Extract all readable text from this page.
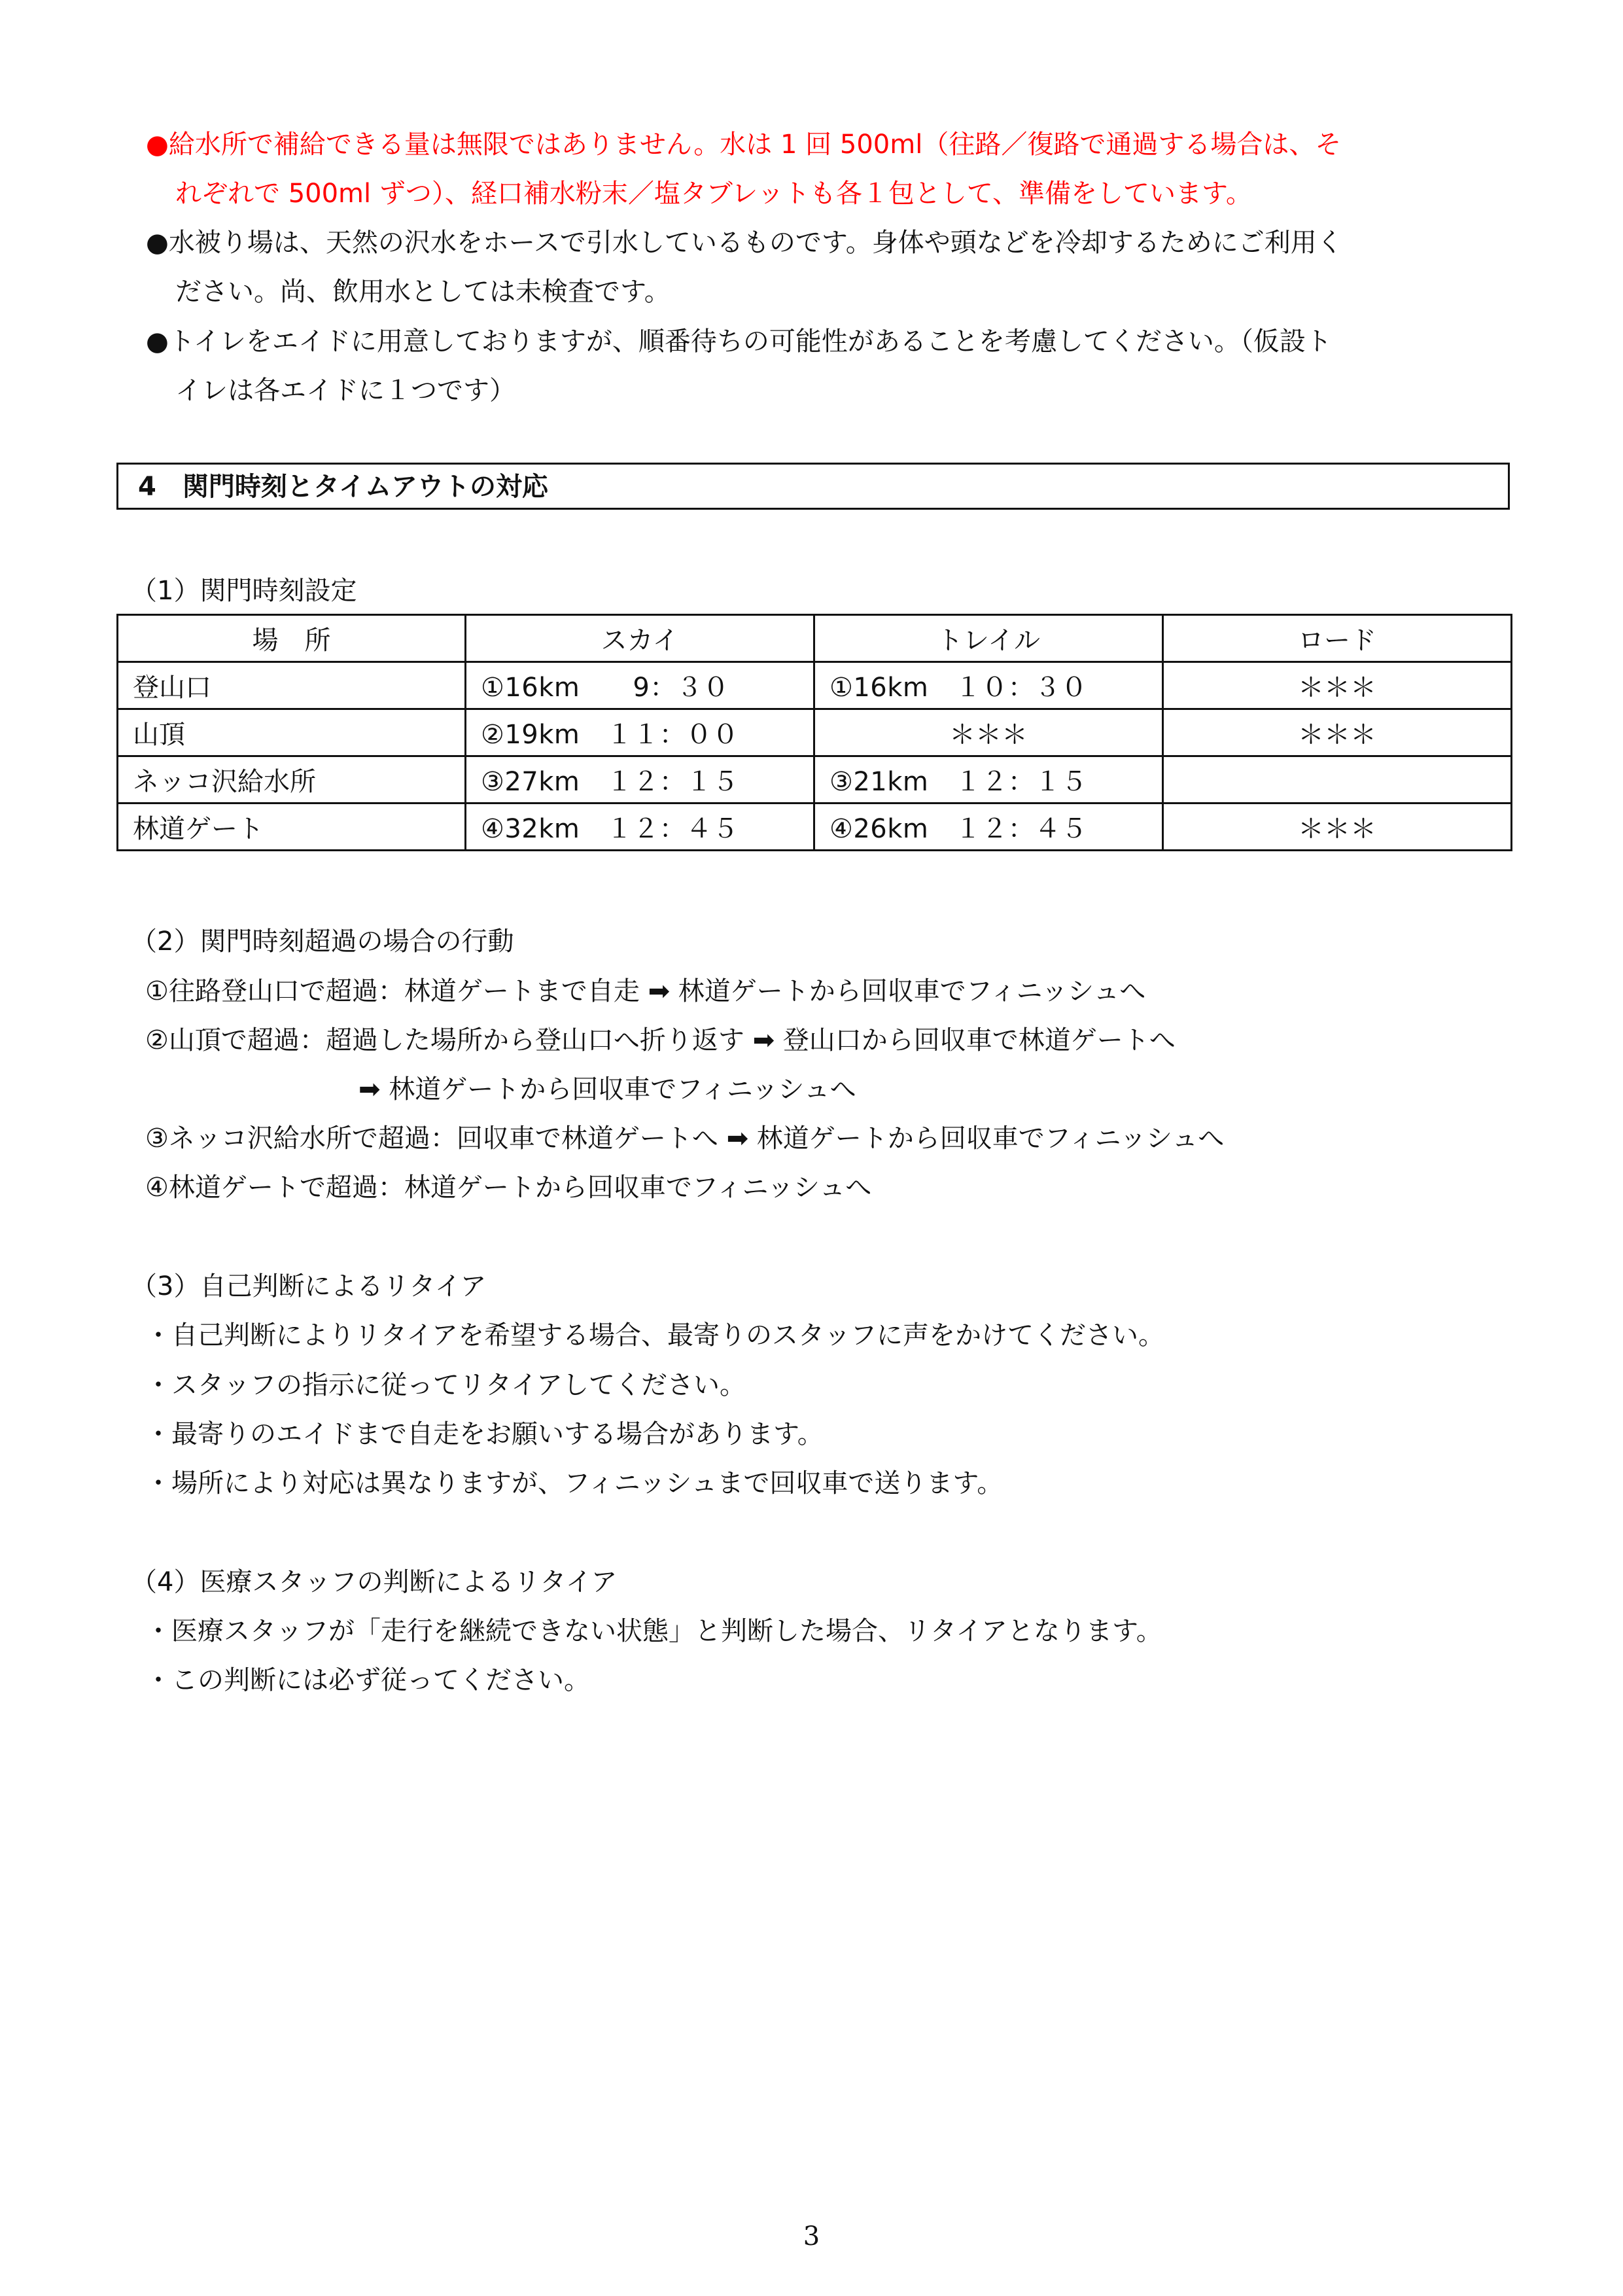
●給水所で補給できる量は無限ではありません。水は 1 回 500ml（往路／復路で通過する場合は、そ
れぞれで 500ml ずつ）、経口補水粉末／塩タブレットも各１包として、準備をしています。
●水被り場は、天然の沢水をホースで引水しているものです。身体や頭などを冷却するためにご利用く
ださい。尚、飲用水としては未検査です。
●トイレをエイドに用意しておりますが、順番待ちの可能性があることを考慮してください。（仮設ト
イレは各エイドに１つです）
4　関門時刻とタイムアウトの対応
（1）関門時刻設定
場　所	スカイ	トレイル	ロード
登山口	①16km　　9：３０	①16km　１０：３０	＊＊＊
山頂	②19km　１１：００	＊＊＊	＊＊＊
ネッコ沢給水所	③27km　１２：１５	③21km　１２：１５	
林道ゲート	④32km　１２：４５	④26km　１２：４５	＊＊＊
（2）関門時刻超過の場合の行動
①往路登山口で超過：林道ゲートまで自走 ➡ 林道ゲートから回収車でフィニッシュへ
②山頂で超過：超過した場所から登山口へ折り返す ➡ 登山口から回収車で林道ゲートへ
➡ 林道ゲートから回収車でフィニッシュへ
③ネッコ沢給水所で超過：回収車で林道ゲートへ ➡ 林道ゲートから回収車でフィニッシュへ
④林道ゲートで超過：林道ゲートから回収車でフィニッシュへ
（3）自己判断によるリタイア
・自己判断によりリタイアを希望する場合、最寄りのスタッフに声をかけてください。
・スタッフの指示に従ってリタイアしてください。
・最寄りのエイドまで自走をお願いする場合があります。
・場所により対応は異なりますが、フィニッシュまで回収車で送ります。
（4）医療スタッフの判断によるリタイア
・医療スタッフが「走行を継続できない状態」と判断した場合、リタイアとなります。
・この判断には必ず従ってください。
3
